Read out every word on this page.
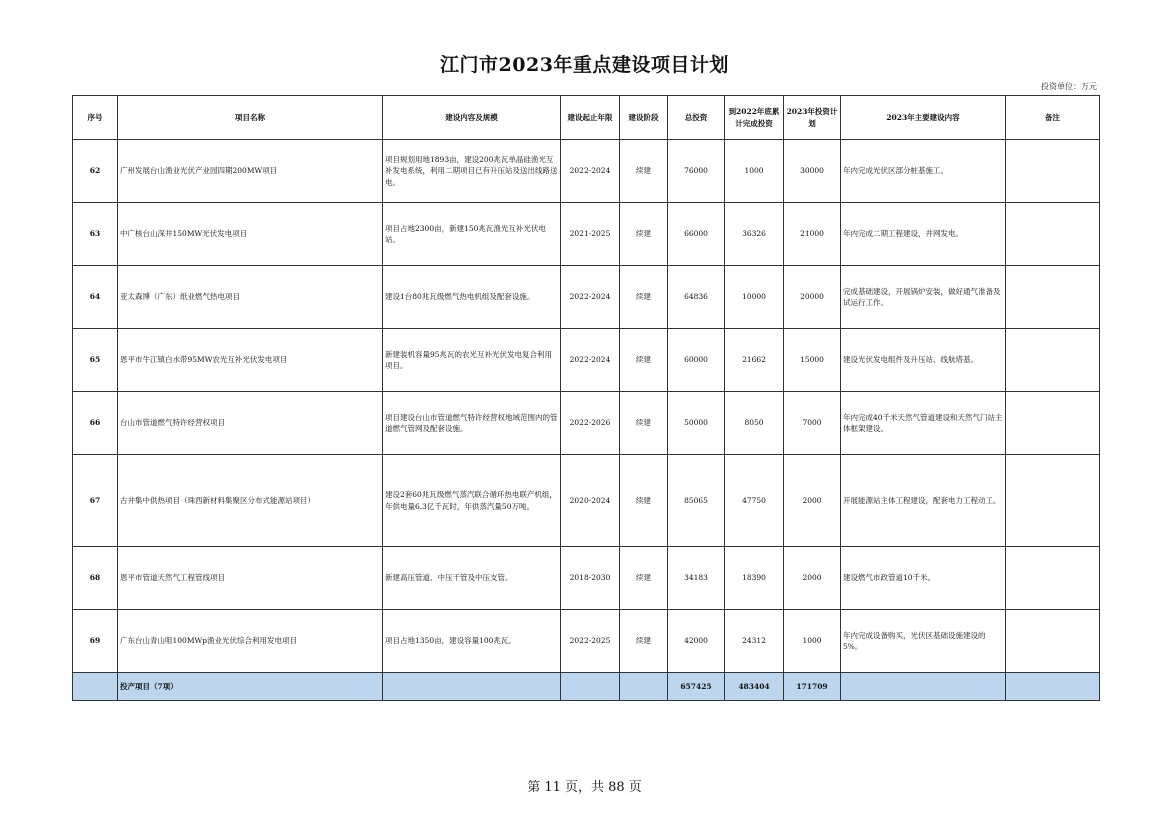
江门市2023年重点建设项目计划
投资单位：万元
序号	项目名称	建设内容及规模	建设起止年限	建设阶段	总投资	到2022年底累计完成投资	2023年投资计划	2023年主要建设内容	备注
62	广州发展台山渔业光伏产业园四期200MW项目	项目规划用地1893亩，建设200兆瓦单晶硅渔光互补发电系统，利用二期项目已有升压站及送出线路送电。	2022-2024	续建	76000	1000	30000	年内完成光伏区部分桩基施工。	
63	中广核台山深井150MW光伏发电项目	项目占地2300亩，新建150兆瓦渔光互补光伏电站。	2021-2025	续建	66000	36326	21000	年内完成二期工程建设，并网发电。	
64	亚太森博（广东）纸业燃气热电项目	建设1台80兆瓦级燃气热电机组及配套设施。	2022-2024	续建	64836	10000	20000	完成基础建设，开展锅炉安装，做好通气准备及试运行工作。	
65	恩平市牛江镇白水带95MW农光互补光伏发电项目	新建装机容量95兆瓦的农光互补光伏发电复合利用项目。	2022-2024	续建	60000	21662	15000	建设光伏发电组件及升压站、线航塔基。	
66	台山市管道燃气特许经营权项目	项目建设台山市管道燃气特许经营权地域范围内的管道燃气管网及配套设施。	2022-2026	续建	50000	8050	7000	年内完成40千米天然气管道建设和天然气门站主体框架建设。	
67	古井集中供热项目（珠西新材料集聚区分布式能源站项目）	建设2套60兆瓦级燃气蒸汽联合循环热电联产机组，年供电量6.3亿千瓦时，年供蒸汽量50万吨。	2020-2024	续建	85065	47750	2000	开展能源站主体工程建设，配套电力工程动工。	
68	恩平市管道天然气工程管线项目	新建高压管道、中压干管及中压支管。	2018-2030	续建	34183	18390	2000	建设燃气市政管道10千米。	
69	广东台山青山咀100MWp渔业光伏综合利用发电项目	项目占地1350亩，建设容量100兆瓦。	2022-2025	续建	42000	24312	1000	年内完成设备购买，光伏区基础设施建设的5%。	
	投产项目（7项）				657425	483404	171709		
第 11 页，共 88 页
